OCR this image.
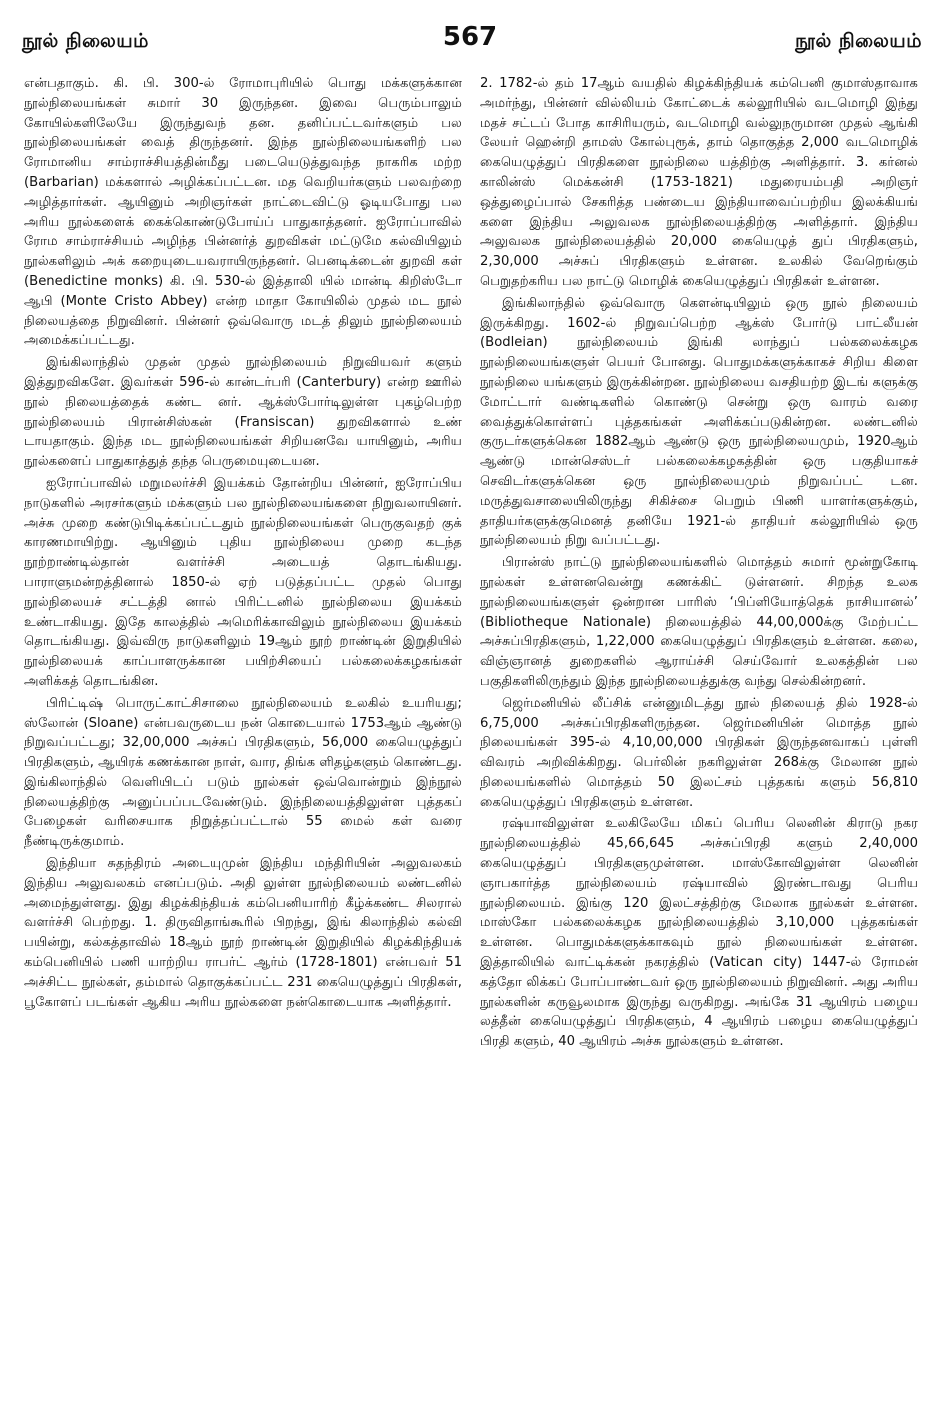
நூல் நிலையம்	567	நூல் நிலையம்

என்பதாகும். கி. பி. 300-ல் ரோமாபுரியில் பொது மக்களுக்கான நூல்நிலையங்கள் சுமார் 30 இருந்தன. இவை பெரும்பாலும் கோயில்களிலேயே இருந்துவந் தன. தனிப்பட்டவர்களும் பல நூல்நிலையங்கள் வைத் திருந்தனர். இந்த நூல்நிலையங்களிற் பல ரோமானிய சாம்ராச்சியத்தின்மீது படையெடுத்துவந்த நாகரிக மற்ற (Barbarian) மக்களால் அழிக்கப்பட்டன. மத வெறியர்களும் பலவற்றை அழித்தார்கள். ஆயினும் அறிஞர்கள் நாட்டைவிட்டு ஓடியபோது பல அரிய நூல்களைக் கைக்கொண்டுபோய்ப் பாதுகாத்தனர். ஐரோப்பாவில் ரோம சாம்ராச்சியம் அழிந்த பின்னர்த் துறவிகள் மட்டுமே கல்வியிலும் நூல்களிலும் அக் கறையுடையவராயிருந்தனர். பெனடிக்டைன் துறவி கள் (Benedictine monks) கி. பி. 530-ல் இத்தாலி யில் மான்டி கிறிஸ்டோ ஆபி (Monte Cristo Abbey) என்ற மாதா கோயிலில் முதல் மட நூல் நிலையத்தை நிறுவினர். பின்னர் ஒவ்வொரு மடத் திலும் நூல்நிலையம் அமைக்கப்பட்டது.

இங்கிலாந்தில் முதன் முதல் நூல்நிலையம் நிறுவியவர் களும் இத்துறவிகளே. இவர்கள் 596-ல் கான்டர்பரி (Canterbury) என்ற ஊரில் நூல் நிலையத்தைக் கண்ட னர். ஆக்ஸ்போர்டிலுள்ள புகழ்பெற்ற நூல்நிலையம் பிரான்சிஸ்கன் (Fransiscan) துறவிகளால் உண் டாயதாகும். இந்த மட நூல்நிலையங்கள் சிறியனவே யாயினும், அரிய நூல்களைப் பாதுகாத்துத் தந்த பெருமையுடையன.

ஐரோப்பாவில் மறுமலர்ச்சி இயக்கம் தோன்றிய பின்னர், ஐரோப்பிய நாடுகளில் அரசர்களும் மக்களும் பல நூல்நிலையங்களை நிறுவலாயினர். அச்சு முறை கண்டுபிடிக்கப்பட்டதும் நூல்நிலையங்கள் பெருகுவதற் குக் காரணமாயிற்று. ஆயினும் புதிய நூல்நிலைய முறை கடந்த நூற்றாண்டில்தான் வளர்ச்சி அடையத் தொடங்கியது. பாராளுமன்றத்தினால் 1850-ல் ஏற் படுத்தப்பட்ட முதல் பொது நூல்நிலையச் சட்டத்தி னால் பிரிட்டனில் நூல்நிலைய இயக்கம் உண்டாகியது. இதே காலத்தில் அமெரிக்காவிலும் நூல்நிலைய இயக்கம் தொடங்கியது. இவ்விரு நாடுகளிலும் 19ஆம் நூற் றாண்டின் இறுதியில் நூல்நிலையக் காப்பாளருக்கான பயிற்சியைப் பல்கலைக்கழகங்கள் அளிக்கத் தொடங்கின.

பிரிட்டிஷ் பொருட்காட்சிசாலை நூல்நிலையம் உலகில் உயரியது; ஸ்லோன் (Sloane) என்பவருடைய நன் கொடையால் 1753ஆம் ஆண்டு நிறுவப்பட்டது; 32,00,000 அச்சுப் பிரதிகளும், 56,000 கையெழுத்துப் பிரதிகளும், ஆயிரக் கணக்கான நாள், வார, திங்க ளிதழ்களும் கொண்டது. இங்கிலாந்தில் வெளியிடப் படும் நூல்கள் ஒவ்வொன்றும் இந்நூல் நிலையத்திற்கு அனுப்பப்படவேண்டும். இந்நிலையத்திலுள்ள புத்தகப் பேழைகள் வரிசையாக நிறுத்தப்பட்டால் 55 மைல் கள் வரை நீண்டிருக்குமாம்.

இந்தியா சுதந்திரம் அடையுமுன் இந்திய மந்திரியின் அலுவலகம் இந்திய அலுவலகம் எனப்படும். அதி லுள்ள நூல்நிலையம் லண்டனில் அமைந்துள்ளது. இது கிழக்கிந்தியக் கம்பெனியாரிற் கீழ்க்கண்ட சிலரால் வளர்ச்சி பெற்றது. 1. திருவிதாங்கூரில் பிறந்து, இங் கிலாந்தில் கல்வி பயின்று, கல்கத்தாவில் 18ஆம் நூற் றாண்டின் இறுதியில் கிழக்கிந்தியக் கம்பெனியில் பணி யாற்றிய ராபர்ட் ஆர்ம் (1728-1801) என்பவர் 51 அச்சிட்ட நூல்கள், தம்மால் தொகுக்கப்பட்ட 231 கையெழுத்துப் பிரதிகள், பூகோளப் படங்கள் ஆகிய அரிய நூல்களை நன்கொடையாக அளித்தார்.

2. 1782-ல் தம் 17ஆம் வயதில் கிழக்கிந்தியக் கம்பெனி குமாஸ்தாவாக அமர்ந்து, பின்னர் வில்லியம் கோட்டைக் கல்லூரியில் வடமொழி இந்து மதச் சட்டப் போத காசிரியரும், வடமொழி வல்லுநருமான முதல் ஆங்கி லேயர் ஹென்றி தாமஸ் கோல்புரூக், தாம் தொகுத்த 2,000 வடமொழிக் கையெழுத்துப் பிரதிகளை நூல்நிலை யத்திற்கு அளித்தார். 3. கர்னல் காலின்ஸ் மெக்கன்சி (1753-1821) மதுரையம்பதி அறிஞர் ஒத்துழைப்பால் சேகரித்த பண்டைய இந்தியாவைப்பற்றிய இலக்கியங் களை இந்திய அலுவலக நூல்நிலையத்திற்கு அளித்தார். இந்திய அலுவலக நூல்நிலையத்தில் 20,000 கையெழுத் துப் பிரதிகளும், 2,30,000 அச்சுப் பிரதிகளும் உள்ளன. உலகில் வேறெங்கும் பெறுதற்கரிய பல நாட்டு மொழிக் கையெழுத்துப் பிரதிகள் உள்ளன.

இங்கிலாந்தில் ஒவ்வொரு கௌன்டியிலும் ஒரு நூல் நிலையம் இருக்கிறது. 1602-ல் நிறுவப்பெற்ற ஆக்ஸ் போர்டு பாட்லீயன் (Bodleian) நூல்நிலையம் இங்கி லாந்துப் பல்கலைக்கழக நூல்நிலையங்களுள் பெயர் போனது. பொதுமக்களுக்காகச் சிறிய கிளை நூல்நிலை யங்களும் இருக்கின்றன. நூல்நிலைய வசதியற்ற இடங் களுக்கு மோட்டார் வண்டிகளில் கொண்டு சென்று ஒரு வாரம் வரை வைத்துக்கொள்ளப் புத்தகங்கள் அளிக்கப்படுகின்றன. லண்டனில் குருடர்களுக்கென 1882ஆம் ஆண்டு ஒரு நூல்நிலையமும், 1920ஆம் ஆண்டு மான்செஸ்டர் பல்கலைக்கழகத்தின் ஒரு பகுதியாகச் செவிடர்களுக்கென ஒரு நூல்நிலையமும் நிறுவப்பட் டன. மருத்துவசாலையிலிருந்து சிகிச்சை பெறும் பிணி யாளர்களுக்கும், தாதியர்களுக்குமெனத் தனியே 1921-ல் தாதியர் கல்லூரியில் ஒரு நூல்நிலையம் நிறு வப்பட்டது.

பிரான்ஸ் நாட்டு நூல்நிலையங்களில் மொத்தம் சுமார் மூன்றுகோடி நூல்கள் உள்ளனவென்று கணக்கிட் டுள்ளனர். சிறந்த உலக நூல்நிலையங்களுள் ஒன்றான பாரிஸ் ‘பிப்ளியோத்தெக் நாசியானல்’ (Bibliotheque Nationale) நிலையத்தில் 44,00,000க்கு மேற்பட்ட அச்சுப்பிரதிகளும், 1,22,000 கையெழுத்துப் பிரதிகளும் உள்ளன. கலை, விஞ்ஞானத் துறைகளில் ஆராய்ச்சி செய்வோர் உலகத்தின் பல பகுதிகளிலிருந்தும் இந்த நூல்நிலையத்துக்கு வந்து செல்கின்றனர்.

ஜெர்மனியில் லீப்சிக் என்னுமிடத்து நூல் நிலையத் தில் 1928-ல் 6,75,000 அச்சுப்பிரதிகளிருந்தன. ஜெர்மனியின் மொத்த நூல் நிலையங்கள் 395-ல் 4,10,00,000 பிரதிகள் இருந்தனவாகப் புள்ளி விவரம் அறிவிக்கிறது. பெர்லின் நகரிலுள்ள 268க்கு மேலான நூல் நிலையங்களில் மொத்தம் 50 இலட்சம் புத்தகங் களும் 56,810 கையெழுத்துப் பிரதிகளும் உள்ளன.

ரஷ்யாவிலுள்ள உலகிலேயே மிகப் பெரிய லெனின் கிராடு நகர நூல்நிலையத்தில் 45,66,645 அச்சுப்பிரதி களும் 2,40,000 கையெழுத்துப் பிரதிகளுமுள்ளன. மாஸ்கோவிலுள்ள லெனின் ஞாபகார்த்த நூல்நிலையம் ரஷ்யாவில் இரண்டாவது பெரிய நூல்நிலையம். இங்கு 120 இலட்சத்திற்கு மேலாக நூல்கள் உள்ளன. மாஸ்கோ பல்கலைக்கழக நூல்நிலையத்தில் 3,10,000 புத்தகங்கள் உள்ளன. பொதுமக்களுக்காகவும் நூல் நிலையங்கள் உள்ளன. இத்தாலியில் வாட்டிக்கன் நகரத்தில் (Vatican city) 1447-ல் ரோமன் கத்தோ லிக்கப் போப்பாண்டவர் ஒரு நூல்நிலையம் நிறுவினர். அது அரிய நூல்களின் கருவூலமாக இருந்து வருகிறது. அங்கே 31 ஆயிரம் பழைய லத்தீன் கையெழுத்துப் பிரதிகளும், 4 ஆயிரம் பழைய கையெழுத்துப் பிரதி களும், 40 ஆயிரம் அச்சு நூல்களும் உள்ளன.
